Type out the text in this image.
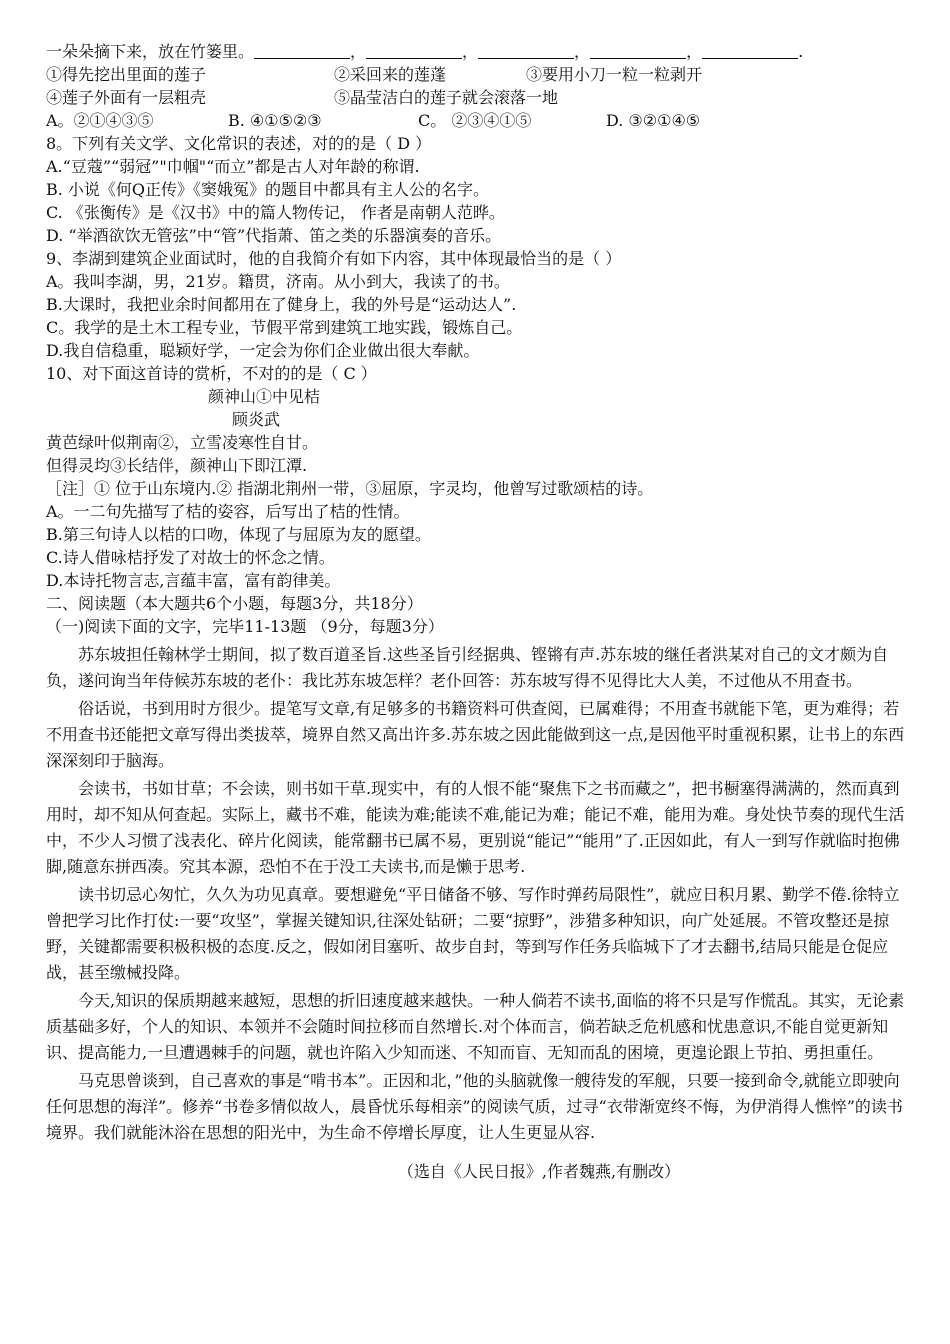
一朵朵摘下来，放在竹篓里。	，	，	，	，	.
①得先挖出里面的莲子	②采回来的莲蓬	③要用小刀一粒一粒剥开
④莲子外面有一层粗壳	⑤晶莹洁白的莲子就会滚落一地
A。②①④③⑤	B. ④①⑤②③	C。 ②③④①⑤	D. ③②①④⑤
8。下列有关文学、文化常识的表述，对的的是（ D ）
A.“豆蔻”“弱冠”"巾帼"“而立”都是古人对年龄的称谓.
B. 小说《何Q正传》《窦娥冤》的题目中都具有主人公的名字。
C. 《张衡传》是《汉书》中的篇人物传记， 作者是南朝人范晔。
D. “举酒欲饮无管弦”中“管”代指萧、笛之类的乐器演奏的音乐。
9、李湖到建筑企业面试时，他的自我简介有如下内容，其中体现最恰当的是（ ）
A。我叫李湖，男，21岁。籍贯，济南。从小到大，我读了的书。
B.大课时，我把业余时间都用在了健身上，我的外号是“运动达人”.
C。我学的是土木工程专业，节假平常到建筑工地实践，锻炼自己。
D.我自信稳重，聪颖好学，一定会为你们企业做出很大奉献。
10、对下面这首诗的赏析，不对的的是（ C ）
颜神山①中见桔
顾炎武
黄芭绿叶似荆南②，立雪凌寒性自甘。
但得灵均③长结伴，颜神山下即江潭.
［注］① 位于山东境内.② 指湖北荆州一带，③屈原，字灵均，他曾写过歌颂桔的诗。
A。一二句先描写了桔的姿容，后写出了桔的性情。
B.第三句诗人以桔的口吻，体现了与屈原为友的愿望。
C.诗人借咏桔抒发了对故士的怀念之情。
D.本诗托物言志,言蕴丰富，富有韵律美。
二、阅读题（本大题共6个小题，每题3分，共18分）
（一)阅读下面的文字，完毕11-13题 （9分，每题3分）
苏东坡担任翰林学士期间，拟了数百道圣旨.这些圣旨引经据典、铿锵有声.苏东坡的继任者洪某对自己的文才颇为自负，遂问询当年侍候苏东坡的老仆：我比苏东坡怎样？老仆回答：苏东坡写得不见得比大人美，不过他从不用查书。
俗话说，书到用时方很少。提笔写文章,有足够多的书籍资料可供查阅，已属难得；不用查书就能下笔，更为难得；若不用查书还能把文章写得出类拔萃，境界自然又高出许多.苏东坡之因此能做到这一点,是因他平时重视积累，让书上的东西深深刻印于脑海。
会读书，书如甘草；不会读，则书如干草.现实中，有的人恨不能“聚焦下之书而藏之”，把书橱塞得满满的，然而真到用时，却不知从何查起。实际上，藏书不难，能读为难;能读不难,能记为难；能记不难，能用为难。身处快节奏的现代生活中，不少人习惯了浅表化、碎片化阅读，能常翻书已属不易，更别说“能记”“能用”了.正因如此，有人一到写作就临时抱佛脚,随意东拼西凑。究其本源，恐怕不在于没工夫读书,而是懒于思考.
读书切忌心匆忙，久久为功见真章。要想避免“平日储备不够、写作时弹药局限性”，就应日积月累、勤学不倦.徐特立曾把学习比作打仗:一要“攻坚”，掌握关键知识,往深处钻研；二要“掠野”，涉猎多种知识，向广处延展。不管攻整还是掠野，关键都需要积极积极的态度.反之，假如闭目塞听、故步自封，等到写作任务兵临城下了才去翻书,结局只能是仓促应战，甚至缴械投降。
今天,知识的保质期越来越短，思想的折旧速度越来越快。一种人倘若不读书,面临的将不只是写作慌乱。其实，无论素质基础多好，个人的知识、本领并不会随时间拉移而自然增长.对个体而言，倘若缺乏危机感和忧患意识,不能自觉更新知识、提高能力,一旦遭遇棘手的问题，就也许陷入少知而迷、不知而盲、无知而乱的困境，更遑论跟上节拍、勇担重任。
马克思曾谈到，自己喜欢的事是“啃书本”。正因和北，”他的头脑就像一艘待发的军舰，只要一接到命令,就能立即驶向任何思想的海洋”。修养“书卷多情似故人，晨昏忧乐每相亲”的阅读气质，过寻“衣带渐宽终不悔，为伊消得人憔悴”的读书境界。我们就能沐浴在思想的阳光中，为生命不停增长厚度，让人生更显从容.
（选自《人民日报》,作者魏燕,有删改）
